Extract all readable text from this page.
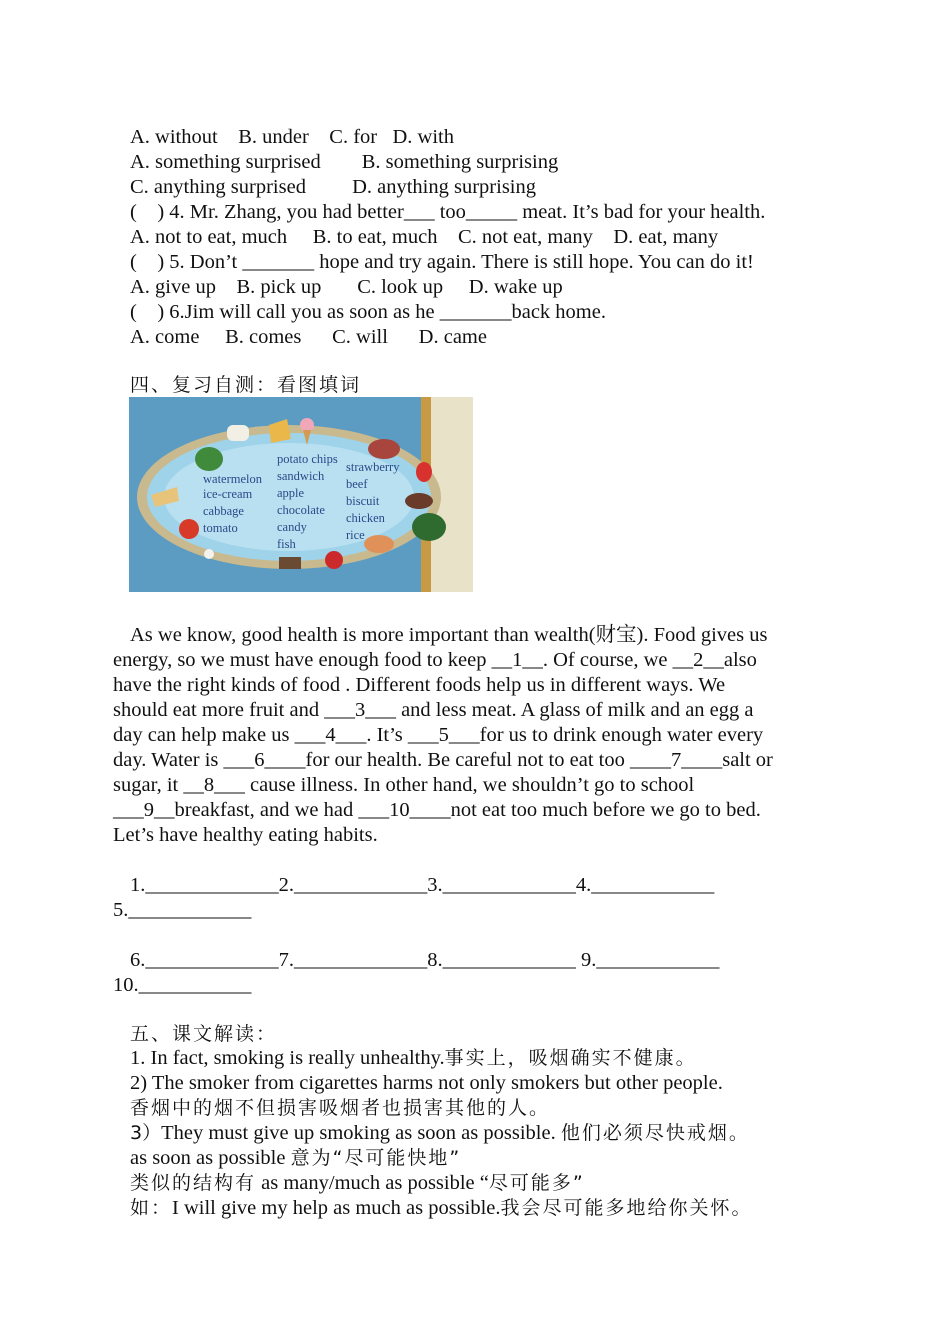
A. without    B. under    C. for   D. with
A. something surprised        B. something surprising
C. anything surprised         D. anything surprising
(    ) 4. Mr. Zhang, you had better___ too_____ meat. It’s bad for your health.
A. not to eat, much     B. to eat, much    C. not eat, many    D. eat, many
(    ) 5. Don’t _______ hope and try again. There is still hope. You can do it!
A. give up    B. pick up       C. look up     D. wake up
(    ) 6.Jim will call you as soon as he _______back home.
A. come     B. comes      C. will      D. came
四、复习自测：看图填词
watermelon
ice-cream
cabbage
tomato
potato chips
sandwich
apple
chocolate
candy
fish
strawberry
beef
biscuit
chicken
rice
As we know, good health is more important than wealth(财宝). Food gives us
energy, so we must have enough food to keep __1__. Of course, we __2__also
have the right kinds of food . Different foods help us in different ways. We
should eat more fruit and ___3___ and less meat. A glass of milk and an egg a
day can help make us ___4___. It’s ___5___for us to drink enough water every
day. Water is ___6____for our health. Be careful not to eat too ____7____salt or
sugar, it __8___ cause illness. In other hand, we shouldn’t go to school
___9__breakfast, and we had ___10____not eat too much before we go to bed.
Let’s have healthy eating habits.
1._____________2._____________3._____________4.____________
5.____________
6._____________7._____________8._____________ 9.____________
10.___________
五、课文解读：
1. In fact, smoking is really unhealthy.事实上，吸烟确实不健康。
2) The smoker from cigarettes harms not only smokers but other people.
香烟中的烟不但损害吸烟者也损害其他的人。
3）They must give up smoking as soon as possible. 他们必须尽快戒烟。
as soon as possible 意为“尽可能快地”
类似的结构有 as many/much as possible “尽可能多”
如：I will give my help as much as possible.我会尽可能多地给你关怀。
